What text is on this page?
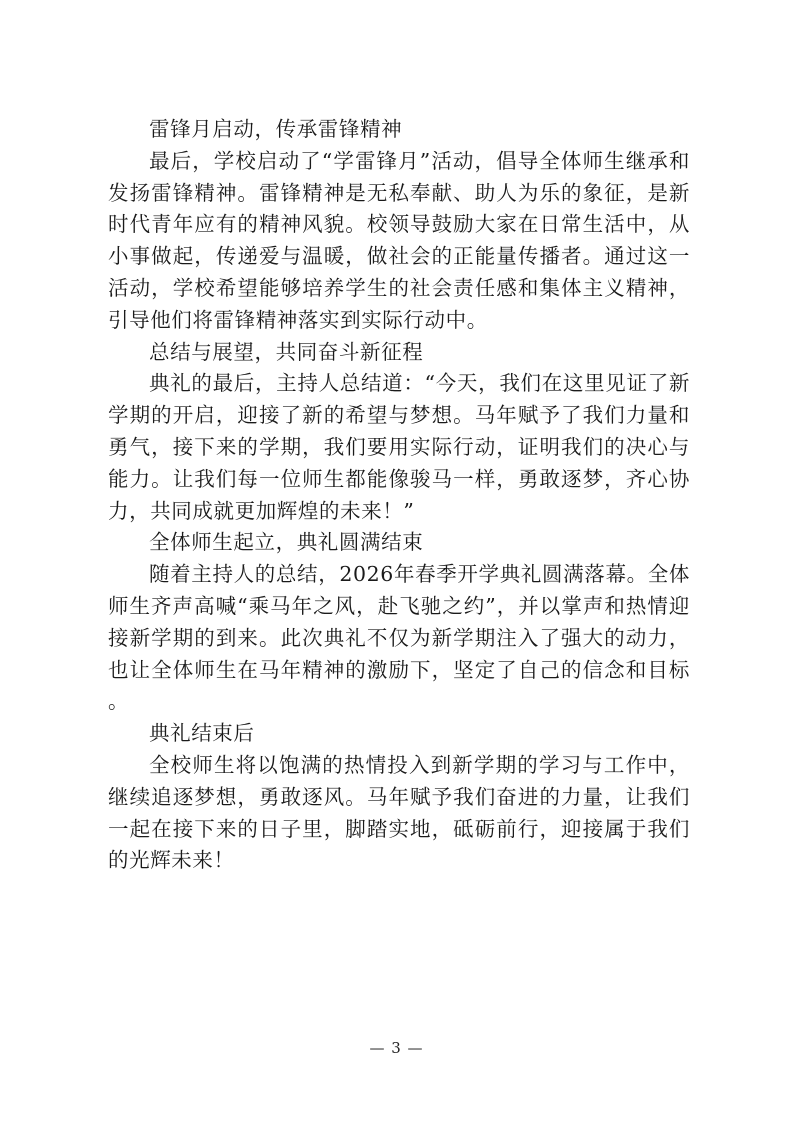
雷锋月启动，传承雷锋精神

最后，学校启动了“学雷锋月”活动，倡导全体师生继承和发扬雷锋精神。雷锋精神是无私奉献、助人为乐的象征，是新时代青年应有的精神风貌。校领导鼓励大家在日常生活中，从小事做起，传递爱与温暖，做社会的正能量传播者。通过这一活动，学校希望能够培养学生的社会责任感和集体主义精神，引导他们将雷锋精神落实到实际行动中。

总结与展望，共同奋斗新征程

典礼的最后，主持人总结道：“今天，我们在这里见证了新学期的开启，迎接了新的希望与梦想。马年赋予了我们力量和勇气，接下来的学期，我们要用实际行动，证明我们的决心与能力。让我们每一位师生都能像骏马一样，勇敢逐梦，齐心协力，共同成就更加辉煌的未来！”

全体师生起立，典礼圆满结束

随着主持人的总结，2026年春季开学典礼圆满落幕。全体师生齐声高喊“乘马年之风，赴飞驰之约”，并以掌声和热情迎接新学期的到来。此次典礼不仅为新学期注入了强大的动力，也让全体师生在马年精神的激励下，坚定了自己的信念和目标。

典礼结束后

全校师生将以饱满的热情投入到新学期的学习与工作中，继续追逐梦想，勇敢逐风。马年赋予我们奋进的力量，让我们一起在接下来的日子里，脚踏实地，砥砺前行，迎接属于我们的光辉未来！

— 3 —
